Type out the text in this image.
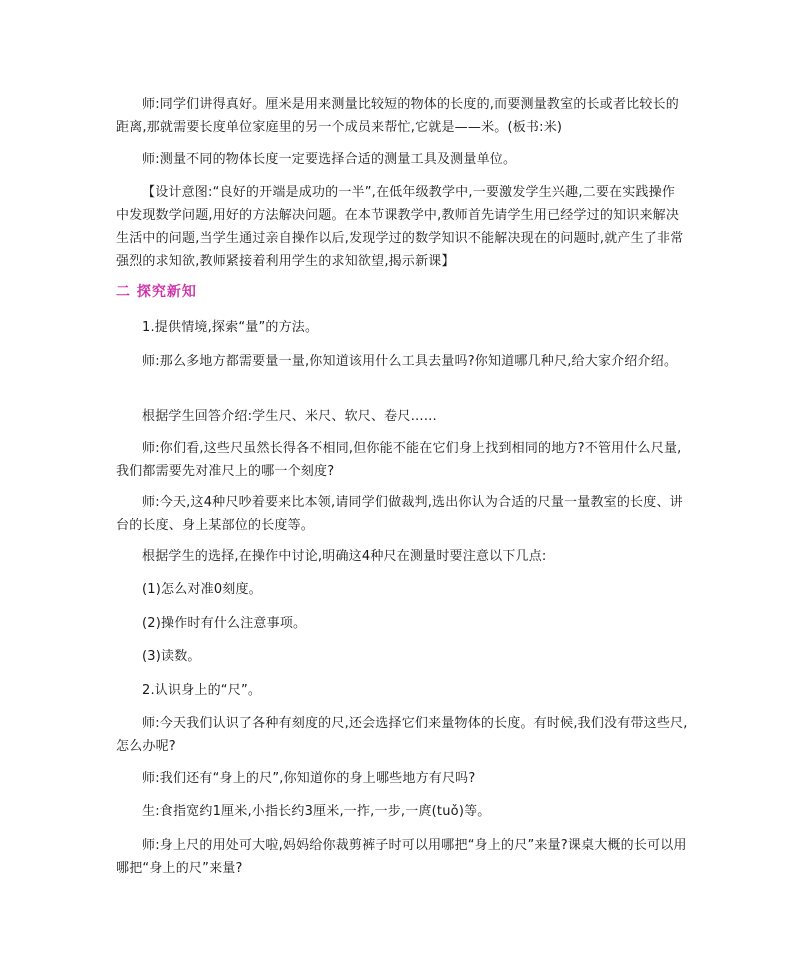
师:同学们讲得真好。厘米是用来测量比较短的物体的长度的,而要测量教室的长或者比较长的距离,那就需要长度单位家庭里的另一个成员来帮忙,它就是——米。(板书:米)

师:测量不同的物体长度一定要选择合适的测量工具及测量单位。

【设计意图:“良好的开端是成功的一半”,在低年级教学中,一要激发学生兴趣,二要在实践操作中发现数学问题,用好的方法解决问题。在本节课教学中,教师首先请学生用已经学过的知识来解决生活中的问题,当学生通过亲自操作以后,发现学过的数学知识不能解决现在的问题时,就产生了非常强烈的求知欲,教师紧接着利用学生的求知欲望,揭示新课】

二 探究新知

1.提供情境,探索“量”的方法。

师:那么多地方都需要量一量,你知道该用什么工具去量吗?你知道哪几种尺,给大家介绍介绍。

根据学生回答介绍:学生尺、米尺、软尺、卷尺……

师:你们看,这些尺虽然长得各不相同,但你能不能在它们身上找到相同的地方?不管用什么尺量,我们都需要先对准尺上的哪一个刻度?

师:今天,这4种尺吵着要来比本领,请同学们做裁判,选出你认为合适的尺量一量教室的长度、讲台的长度、身上某部位的长度等。

根据学生的选择,在操作中讨论,明确这4种尺在测量时要注意以下几点:

(1)怎么对准0刻度。

(2)操作时有什么注意事项。

(3)读数。

2.认识身上的“尺”。

师:今天我们认识了各种有刻度的尺,还会选择它们来量物体的长度。有时候,我们没有带这些尺,怎么办呢?

师:我们还有“身上的尺”,你知道你的身上哪些地方有尺吗?

生:食指宽约1厘米,小指长约3厘米,一拃,一步,一庹(tuǒ)等。

师:身上尺的用处可大啦,妈妈给你裁剪裤子时可以用哪把“身上的尺”来量?课桌大概的长可以用哪把“身上的尺”来量?
